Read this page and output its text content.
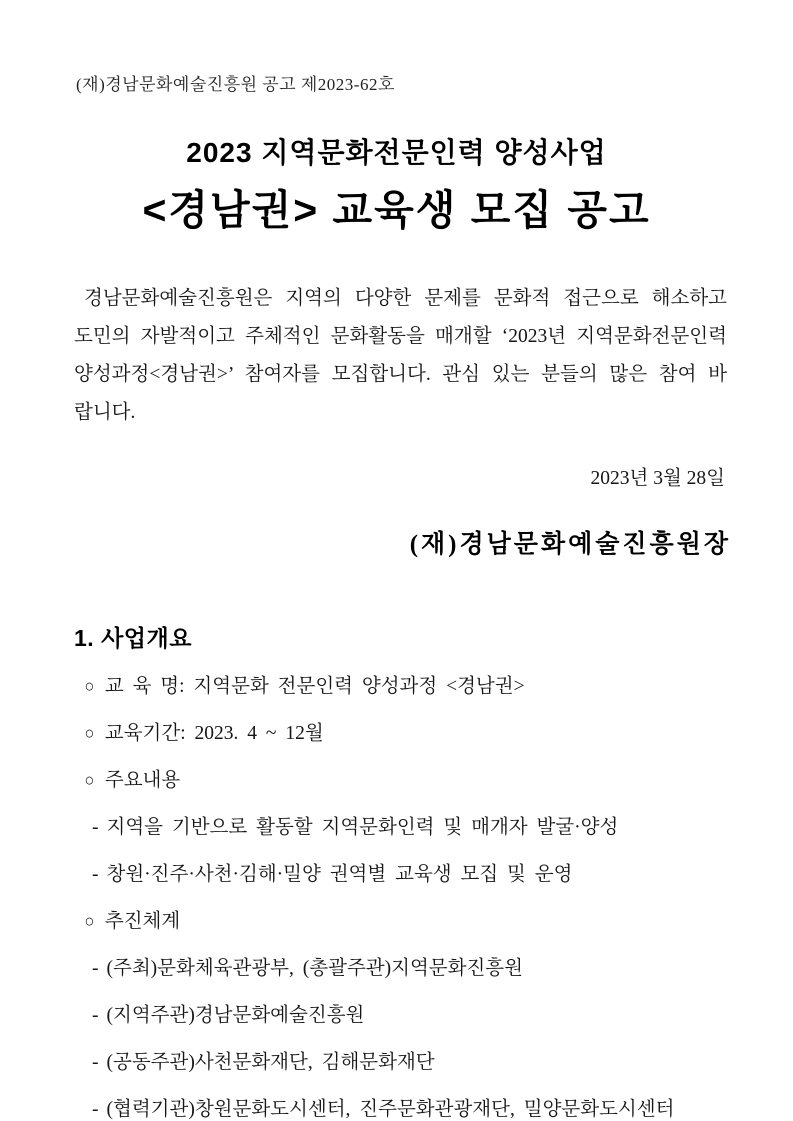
(재)경남문화예술진흥원 공고 제2023-62호
2023 지역문화전문인력 양성사업
<경남권> 교육생 모집 공고
경남문화예술진흥원은 지역의 다양한 문제를 문화적 접근으로 해소하고 도민의 자발적이고 주체적인 문화활동을 매개할 ‘2023년 지역문화전문인력 양성과정<경남권>’ 참여자를 모집합니다. 관심 있는 분들의 많은 참여 바랍니다.
2023년 3월 28일
(재)경남문화예술진흥원장
1. 사업개요
○ 교 육 명: 지역문화 전문인력 양성과정 <경남권>
○ 교육기간: 2023. 4 ~ 12월
○ 주요내용
- 지역을 기반으로 활동할 지역문화인력 및 매개자 발굴·양성
- 창원·진주·사천·김해·밀양 권역별 교육생 모집 및 운영
○ 추진체계
- (주최)문화체육관광부, (총괄주관)지역문화진흥원
- (지역주관)경남문화예술진흥원
- (공동주관)사천문화재단, 김해문화재단
- (협력기관)창원문화도시센터, 진주문화관광재단, 밀양문화도시센터
